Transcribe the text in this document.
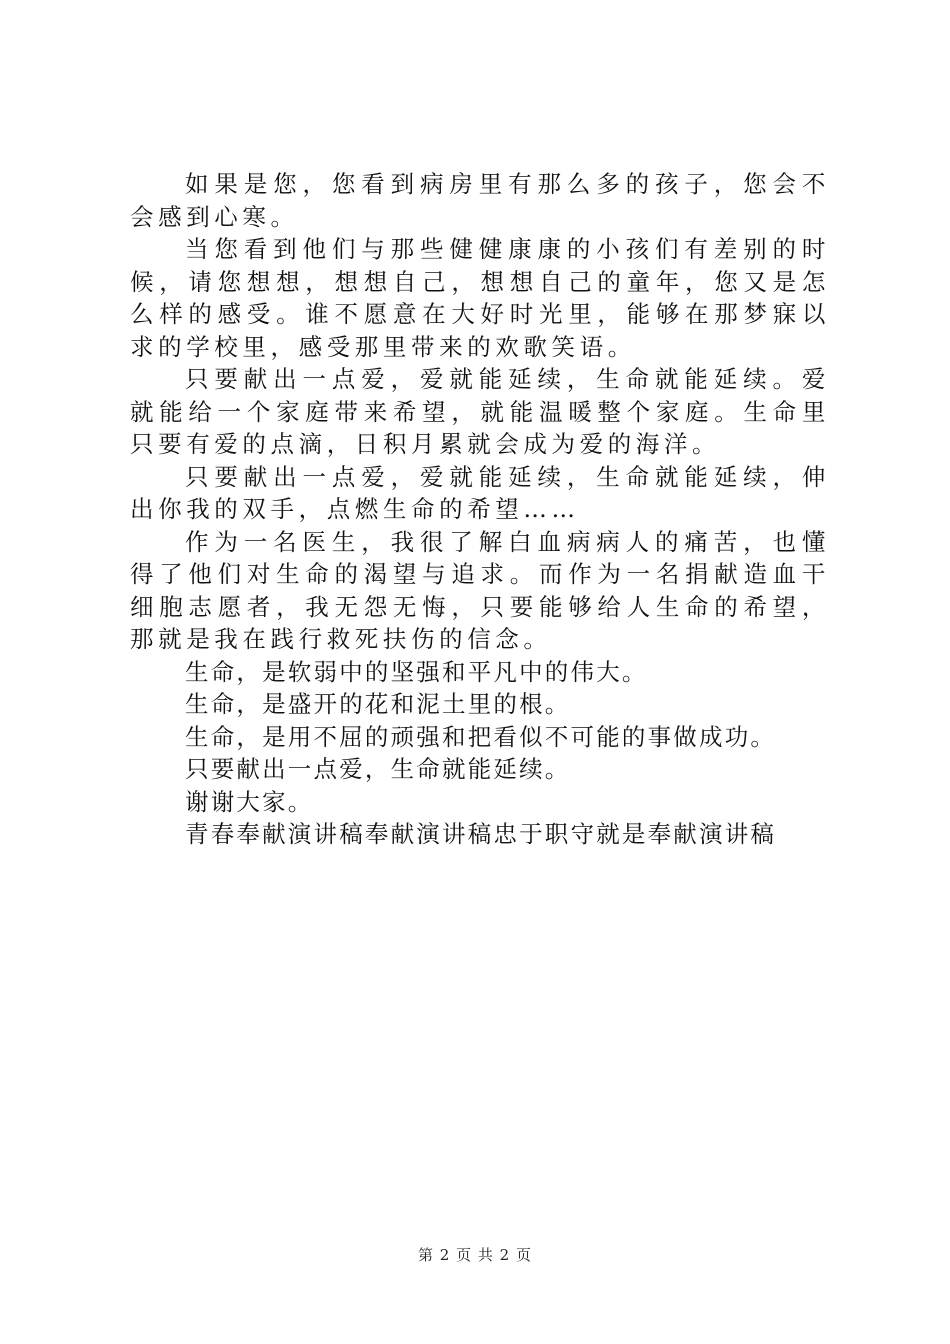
如果是您，您看到病房里有那么多的孩子，您会不会感到心寒。

当您看到他们与那些健健康康的小孩们有差别的时候，请您想想，想想自己，想想自己的童年，您又是怎么样的感受。谁不愿意在大好时光里，能够在那梦寐以求的学校里，感受那里带来的欢歌笑语。

只要献出一点爱，爱就能延续，生命就能延续。爱就能给一个家庭带来希望，就能温暖整个家庭。生命里只要有爱的点滴，日积月累就会成为爱的海洋。

只要献出一点爱，爱就能延续，生命就能延续，伸出你我的双手，点燃生命的希望……

作为一名医生，我很了解白血病病人的痛苦，也懂得了他们对生命的渴望与追求。而作为一名捐献造血干细胞志愿者，我无怨无悔，只要能够给人生命的希望，那就是我在践行救死扶伤的信念。

生命，是软弱中的坚强和平凡中的伟大。

生命，是盛开的花和泥土里的根。

生命，是用不屈的顽强和把看似不可能的事做成功。

只要献出一点爱，生命就能延续。

谢谢大家。

青春奉献演讲稿奉献演讲稿忠于职守就是奉献演讲稿

第 2 页 共 2 页
